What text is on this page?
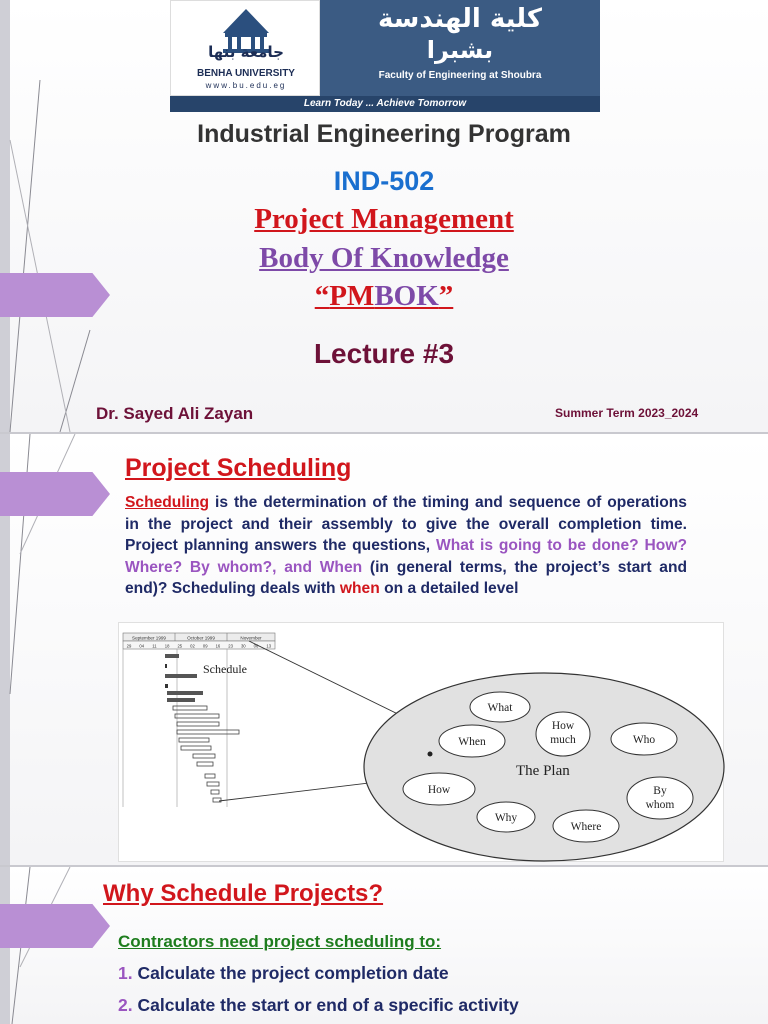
جامعة بنها
BENHA UNIVERSITY
www.bu.edu.eg
كلية الهندسة
بشبرا
Faculty of Engineering at Shoubra
Learn Today ... Achieve Tomorrow
Industrial Engineering Program
IND-502
Project Management
Body Of Knowledge
“PMBOK”
Lecture #3
Dr. Sayed Ali Zayan	Summer Term 2023_2024
Project Scheduling
Scheduling is the determination of the timing and sequence of operations in the project and their assembly to give the overall completion time. Project planning answers the questions, What is going to be done? How? Where? By whom?, and When (in general terms, the project’s start and end)? Scheduling deals with when on a detailed level
September 1999	October 1999	November
29 04 11 18 25 02 09 16 23 30 06 13
Schedule
The Plan
What
How
much	Who
When
How
Why
Where
By
whom
Why Schedule Projects?
Contractors need project scheduling to:
1. Calculate the project completion date
2. Calculate the start or end of a specific activity
